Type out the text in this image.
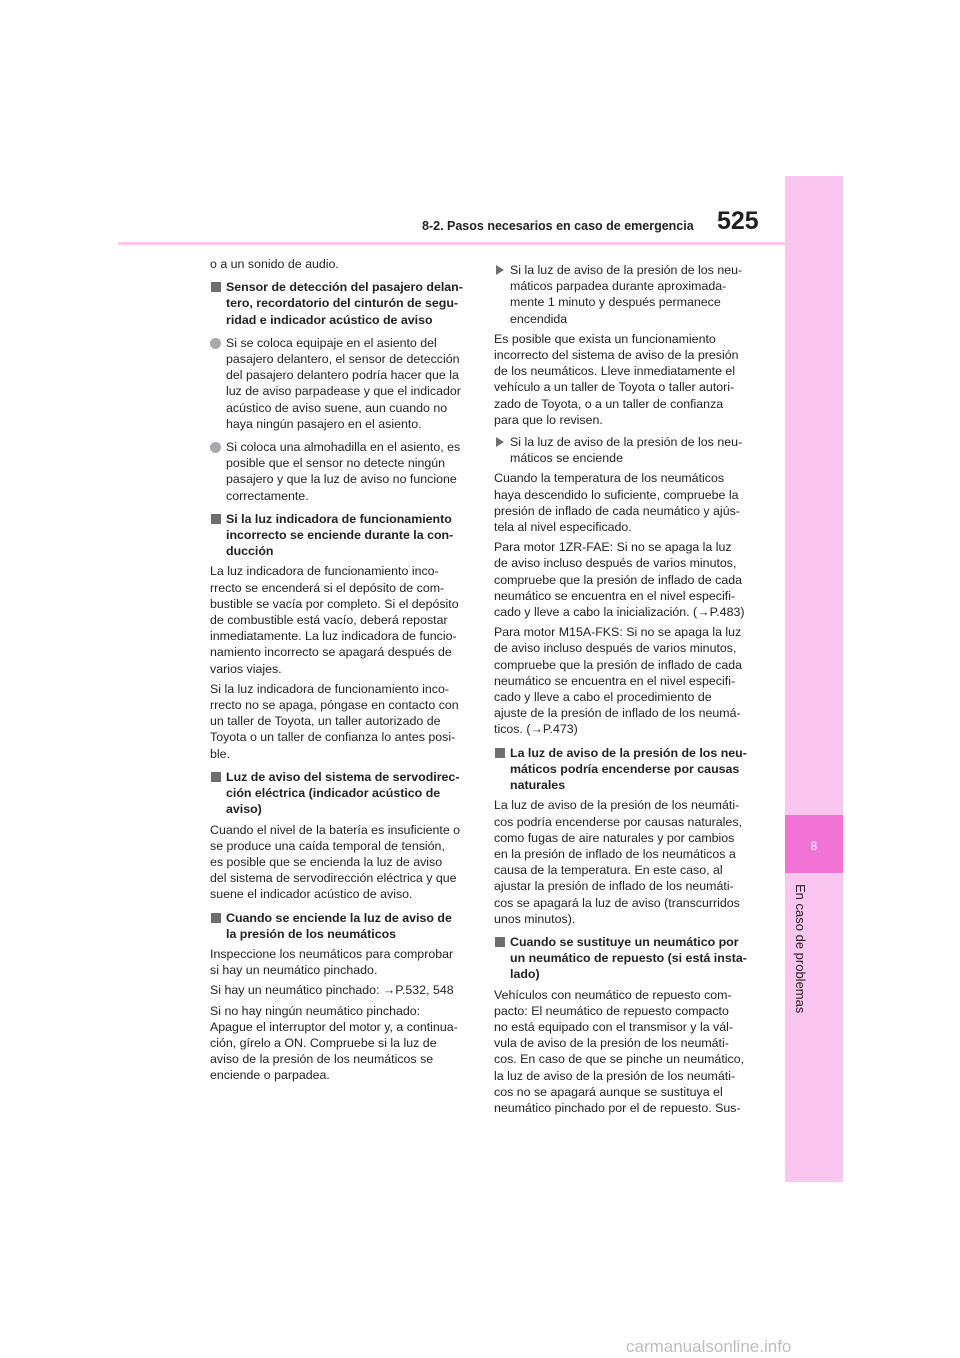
8
En caso de problemas
8-2. Pasos necesarios en caso de emergencia 525
o a un sonido de audio.
Sensor de detección del pasajero delan-
tero, recordatorio del cinturón de segu-
ridad e indicador acústico de aviso
Si se coloca equipaje en el asiento del
pasajero delantero, el sensor de detección
del pasajero delantero podría hacer que la
luz de aviso parpadease y que el indicador
acústico de aviso suene, aun cuando no
haya ningún pasajero en el asiento.
Si coloca una almohadilla en el asiento, es
posible que el sensor no detecte ningún
pasajero y que la luz de aviso no funcione
correctamente.
Si la luz indicadora de funcionamiento
incorrecto se enciende durante la con-
ducción
La luz indicadora de funcionamiento inco-
rrecto se encenderá si el depósito de com-
bustible se vacía por completo. Si el depósito
de combustible está vacío, deberá repostar
inmediatamente. La luz indicadora de funcio-
namiento incorrecto se apagará después de
varios viajes.
Si la luz indicadora de funcionamiento inco-
rrecto no se apaga, póngase en contacto con
un taller de Toyota, un taller autorizado de
Toyota o un taller de confianza lo antes posi-
ble.
Luz de aviso del sistema de servodirec-
ción eléctrica (indicador acústico de
aviso)
Cuando el nivel de la batería es insuficiente o
se produce una caída temporal de tensión,
es posible que se encienda la luz de aviso
del sistema de servodirección eléctrica y que
suene el indicador acústico de aviso.
Cuando se enciende la luz de aviso de
la presión de los neumáticos
Inspeccione los neumáticos para comprobar
si hay un neumático pinchado.
Si hay un neumático pinchado: →P.532, 548
Si no hay ningún neumático pinchado:
Apague el interruptor del motor y, a continua-
ción, gírelo a ON. Compruebe si la luz de
aviso de la presión de los neumáticos se
enciende o parpadea.
Si la luz de aviso de la presión de los neu-
máticos parpadea durante aproximada-
mente 1 minuto y después permanece
encendida
Es posible que exista un funcionamiento
incorrecto del sistema de aviso de la presión
de los neumáticos. Lleve inmediatamente el
vehículo a un taller de Toyota o taller autori-
zado de Toyota, o a un taller de confianza
para que lo revisen.
Si la luz de aviso de la presión de los neu-
máticos se enciende
Cuando la temperatura de los neumáticos
haya descendido lo suficiente, compruebe la
presión de inflado de cada neumático y ajús-
tela al nivel especificado.
Para motor 1ZR-FAE: Si no se apaga la luz
de aviso incluso después de varios minutos,
compruebe que la presión de inflado de cada
neumático se encuentra en el nivel especifi-
cado y lleve a cabo la inicialización. (→P.483)
Para motor M15A-FKS: Si no se apaga la luz
de aviso incluso después de varios minutos,
compruebe que la presión de inflado de cada
neumático se encuentra en el nivel especifi-
cado y lleve a cabo el procedimiento de
ajuste de la presión de inflado de los neumá-
ticos. (→P.473)
La luz de aviso de la presión de los neu-
máticos podría encenderse por causas
naturales
La luz de aviso de la presión de los neumáti-
cos podría encenderse por causas naturales,
como fugas de aire naturales y por cambios
en la presión de inflado de los neumáticos a
causa de la temperatura. En este caso, al
ajustar la presión de inflado de los neumáti-
cos se apagará la luz de aviso (transcurridos
unos minutos).
Cuando se sustituye un neumático por
un neumático de repuesto (si está insta-
lado)
Vehículos con neumático de repuesto com-
pacto: El neumático de repuesto compacto
no está equipado con el transmisor y la vál-
vula de aviso de la presión de los neumáti-
cos. En caso de que se pinche un neumático,
la luz de aviso de la presión de los neumáti-
cos no se apagará aunque se sustituya el
neumático pinchado por el de repuesto. Sus-
carmanualsonline.info
